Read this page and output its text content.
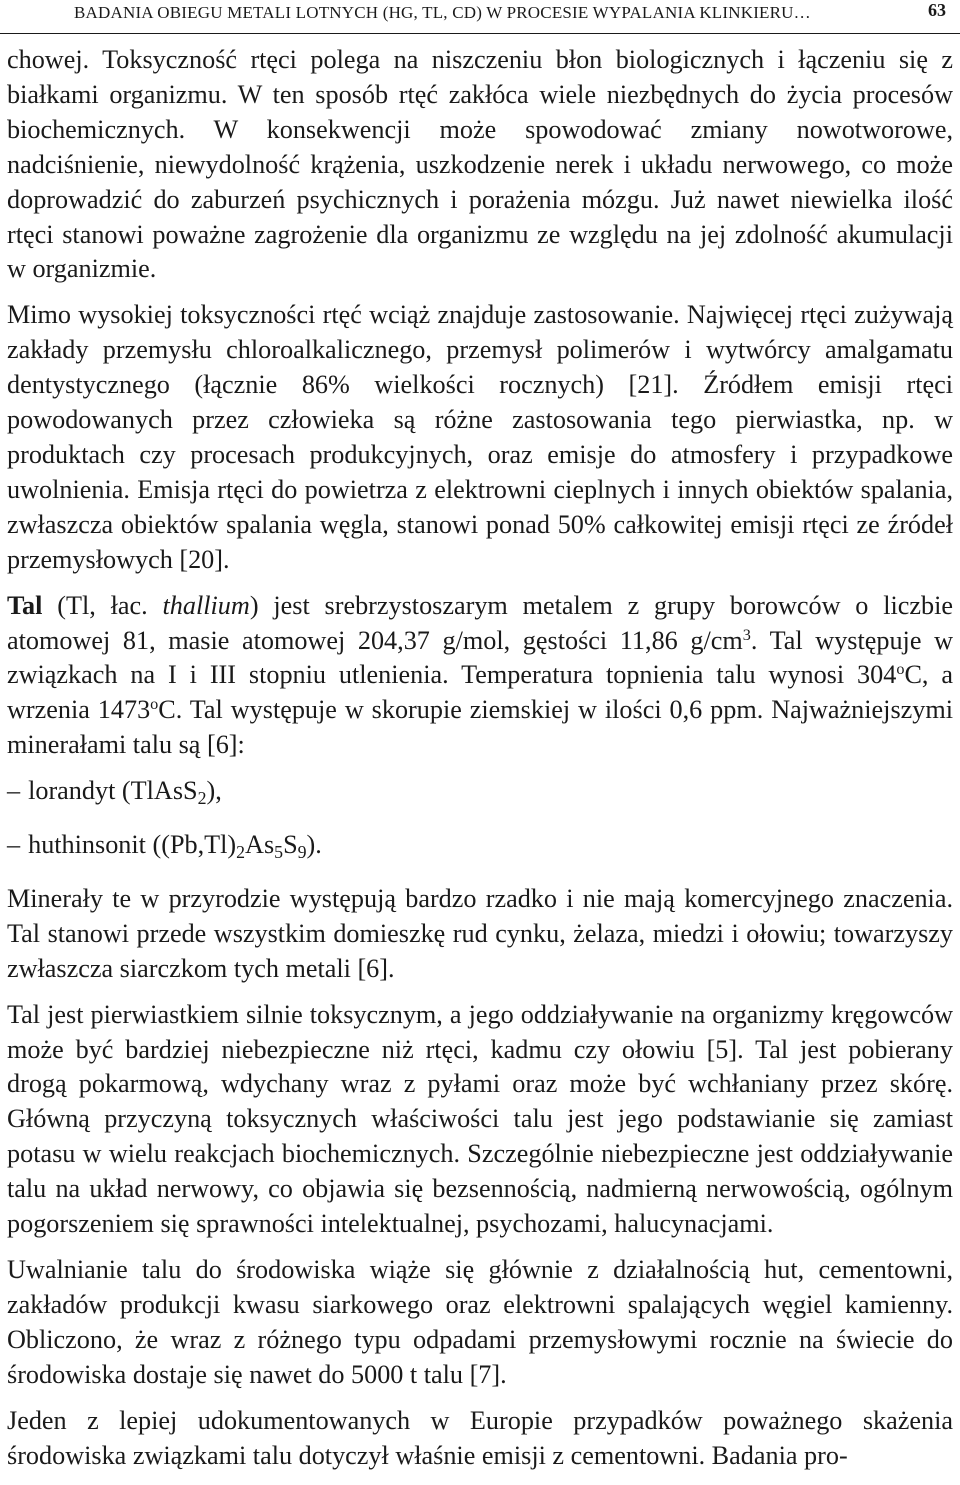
BADANIA OBIEGU METALI LOTNYCH (HG, TL, CD) W PROCESIE WYPALANIA KLINKIERU…	63

chowej. Toksyczność rtęci polega na niszczeniu błon biologicznych i łączeniu się z białkami organizmu. W ten sposób rtęć zakłóca wiele niezbędnych do życia procesów biochemicznych. W konsekwencji może spowodować zmiany nowotworowe, nadciśnienie, niewydolność krążenia, uszkodzenie nerek i układu nerwowego, co może doprowadzić do zaburzeń psychicznych i porażenia mózgu. Już nawet niewielka ilość rtęci stanowi poważne zagrożenie dla organizmu ze względu na jej zdolność akumulacji w organizmie.

Mimo wysokiej toksyczności rtęć wciąż znajduje zastosowanie. Najwięcej rtęci zużywają zakłady przemysłu chloroalkalicznego, przemysł polimerów i wytwórcy amalgamatu dentystycznego (łącznie 86% wielkości rocznych) [21]. Źródłem emisji rtęci powodowanych przez człowieka są różne zastosowania tego pierwiastka, np. w produktach czy procesach produkcyjnych, oraz emisje do atmosfery i przypadkowe uwolnienia. Emisja rtęci do powietrza z elektrowni cieplnych i innych obiektów spalania, zwłaszcza obiektów spalania węgla, stanowi ponad 50% całkowitej emisji rtęci ze źródeł przemysłowych [20].

Tal (Tl, łac. thallium) jest srebrzystoszarym metalem z grupy borowców o liczbie atomowej 81, masie atomowej 204,37 g/mol, gęstości 11,86 $g/cm^3$. Tal występuje w związkach na I i III stopniu utlenienia. Temperatura topnienia talu wynosi 304$^o$C, a wrzenia 1473$^o$C. Tal występuje w skorupie ziemskiej w ilości 0,6 ppm. Najważniejszymi minerałami talu są [6]:

– lorandyt (TlAsS$_2$),
– huthinsonit $((Pb,Tl)_2As_5S_9)$.

Minerały te w przyrodzie występują bardzo rzadko i nie mają komercyjnego znaczenia. Tal stanowi przede wszystkim domieszkę rud cynku, żelaza, miedzi i ołowiu; towarzyszy zwłaszcza siarczkom tych metali [6].

Tal jest pierwiastkiem silnie toksycznym, a jego oddziaływanie na organizmy kręgowców może być bardziej niebezpieczne niż rtęci, kadmu czy ołowiu [5]. Tal jest pobierany drogą pokarmową, wdychany wraz z pyłami oraz może być wchłaniany przez skórę. Główną przyczyną toksycznych właściwości talu jest jego podstawianie się zamiast potasu w wielu reakcjach biochemicznych. Szczególnie niebezpieczne jest oddziaływanie talu na układ nerwowy, co objawia się bezsennością, nadmierną nerwowością, ogólnym pogorszeniem się sprawności intelektualnej, psychozami, halucynacjami.

Uwalnianie talu do środowiska wiąże się głównie z działalnością hut, cementowni, zakładów produkcji kwasu siarkowego oraz elektrowni spalających węgiel kamienny. Obliczono, że wraz z różnego typu odpadami przemysłowymi rocznie na świecie do środowiska dostaje się nawet do 5000 t talu [7].

Jeden z lepiej udokumentowanych w Europie przypadków poważnego skażenia środowiska związkami talu dotyczył właśnie emisji z cementowni. Badania pro-
